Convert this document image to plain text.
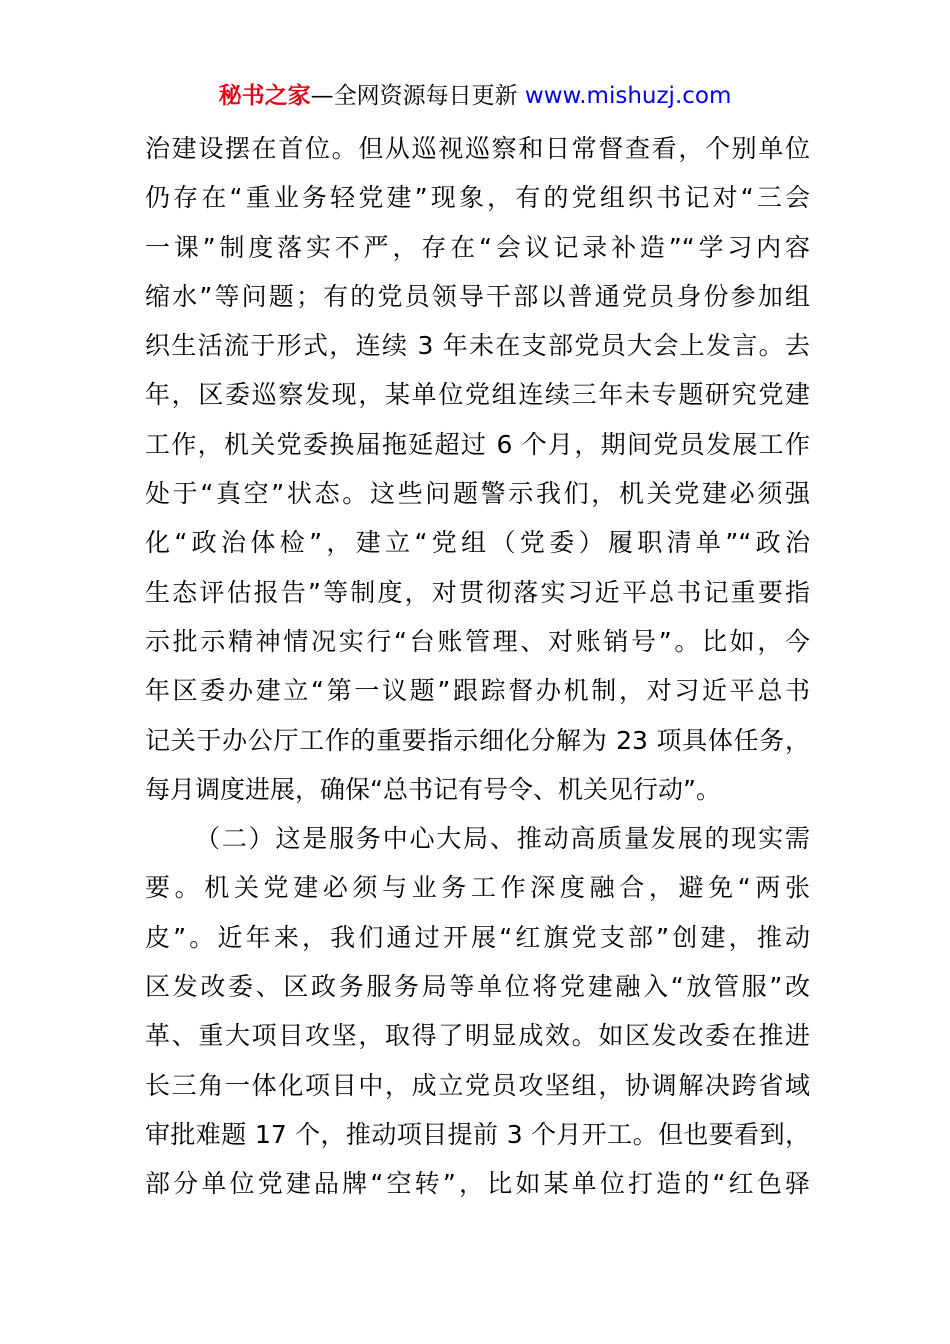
秘书之家—全网资源每日更新 www.mishuzj.com
治建设摆在首位。但从巡视巡察和日常督查看，个别单位
仍存在“重业务轻党建”现象，有的党组织书记对“三会
一课”制度落实不严，存在“会议记录补造”“学习内容
缩水”等问题；有的党员领导干部以普通党员身份参加组
织生活流于形式，连续 3 年未在支部党员大会上发言。去
年，区委巡察发现，某单位党组连续三年未专题研究党建
工作，机关党委换届拖延超过 6 个月，期间党员发展工作
处于“真空”状态。这些问题警示我们，机关党建必须强
化“政治体检”，建立“党组（党委）履职清单”“政治
生态评估报告”等制度，对贯彻落实习近平总书记重要指
示批示精神情况实行“台账管理、对账销号”。比如，今
年区委办建立“第一议题”跟踪督办机制，对习近平总书
记关于办公厅工作的重要指示细化分解为 23 项具体任务，
每月调度进展，确保“总书记有号令、机关见行动”。
（二）这是服务中心大局、推动高质量发展的现实需
要。机关党建必须与业务工作深度融合，避免“两张
皮”。近年来，我们通过开展“红旗党支部”创建，推动
区发改委、区政务服务局等单位将党建融入“放管服”改
革、重大项目攻坚，取得了明显成效。如区发改委在推进
长三角一体化项目中，成立党员攻坚组，协调解决跨省域
审批难题 17 个，推动项目提前 3 个月开工。但也要看到，
部分单位党建品牌“空转”，比如某单位打造的“红色驿
